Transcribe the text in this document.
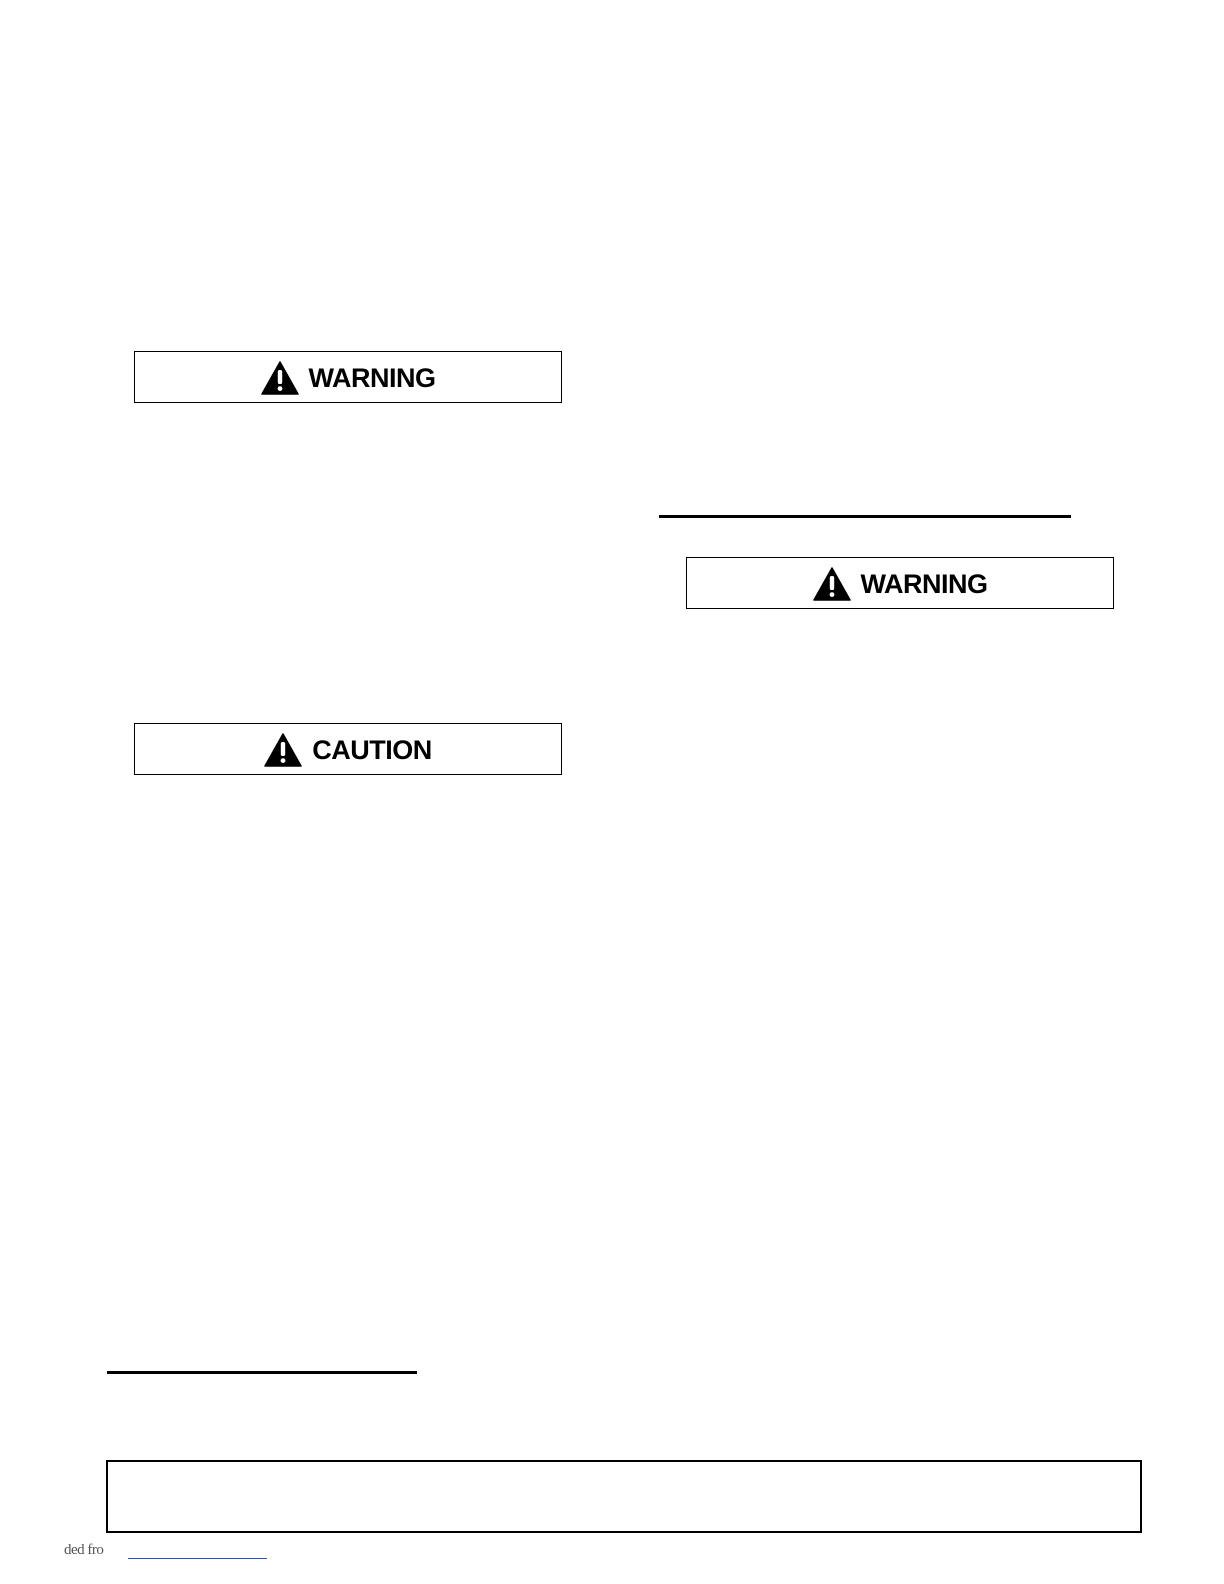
WARNING
CAUTION
WARNING
ded fro
